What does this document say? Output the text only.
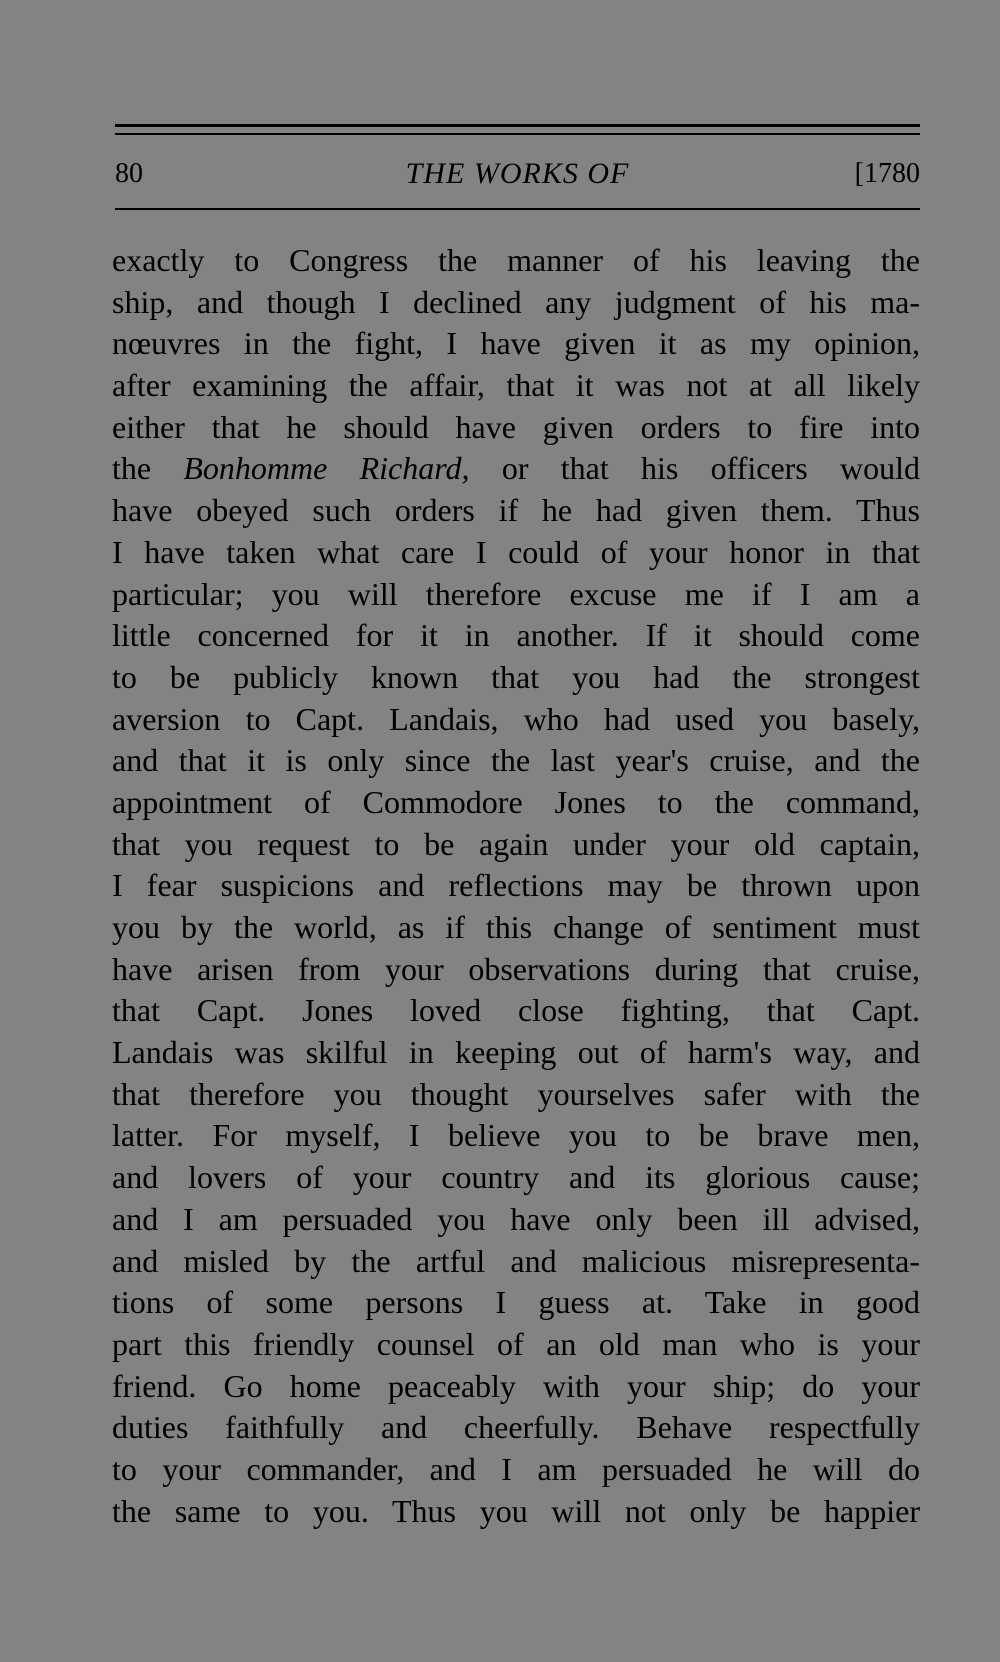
80	THE WORKS OF	[1780
exactly to Congress the manner of his leaving the
ship, and though I declined any judgment of his ma-
nœuvres in the fight, I have given it as my opinion,
after examining the affair, that it was not at all likely
either that he should have given orders to fire into
the Bonhomme Richard, or that his officers would
have obeyed such orders if he had given them. Thus
I have taken what care I could of your honor in that
particular; you will therefore excuse me if I am a
little concerned for it in another. If it should come
to be publicly known that you had the strongest
aversion to Capt. Landais, who had used you basely,
and that it is only since the last year's cruise, and the
appointment of Commodore Jones to the command,
that you request to be again under your old captain,
I fear suspicions and reflections may be thrown upon
you by the world, as if this change of sentiment must
have arisen from your observations during that cruise,
that Capt. Jones loved close fighting, that Capt.
Landais was skilful in keeping out of harm's way, and
that therefore you thought yourselves safer with the
latter. For myself, I believe you to be brave men,
and lovers of your country and its glorious cause;
and I am persuaded you have only been ill advised,
and misled by the artful and malicious misrepresenta-
tions of some persons I guess at. Take in good
part this friendly counsel of an old man who is your
friend. Go home peaceably with your ship; do your
duties faithfully and cheerfully. Behave respectfully
to your commander, and I am persuaded he will do
the same to you. Thus you will not only be happier
